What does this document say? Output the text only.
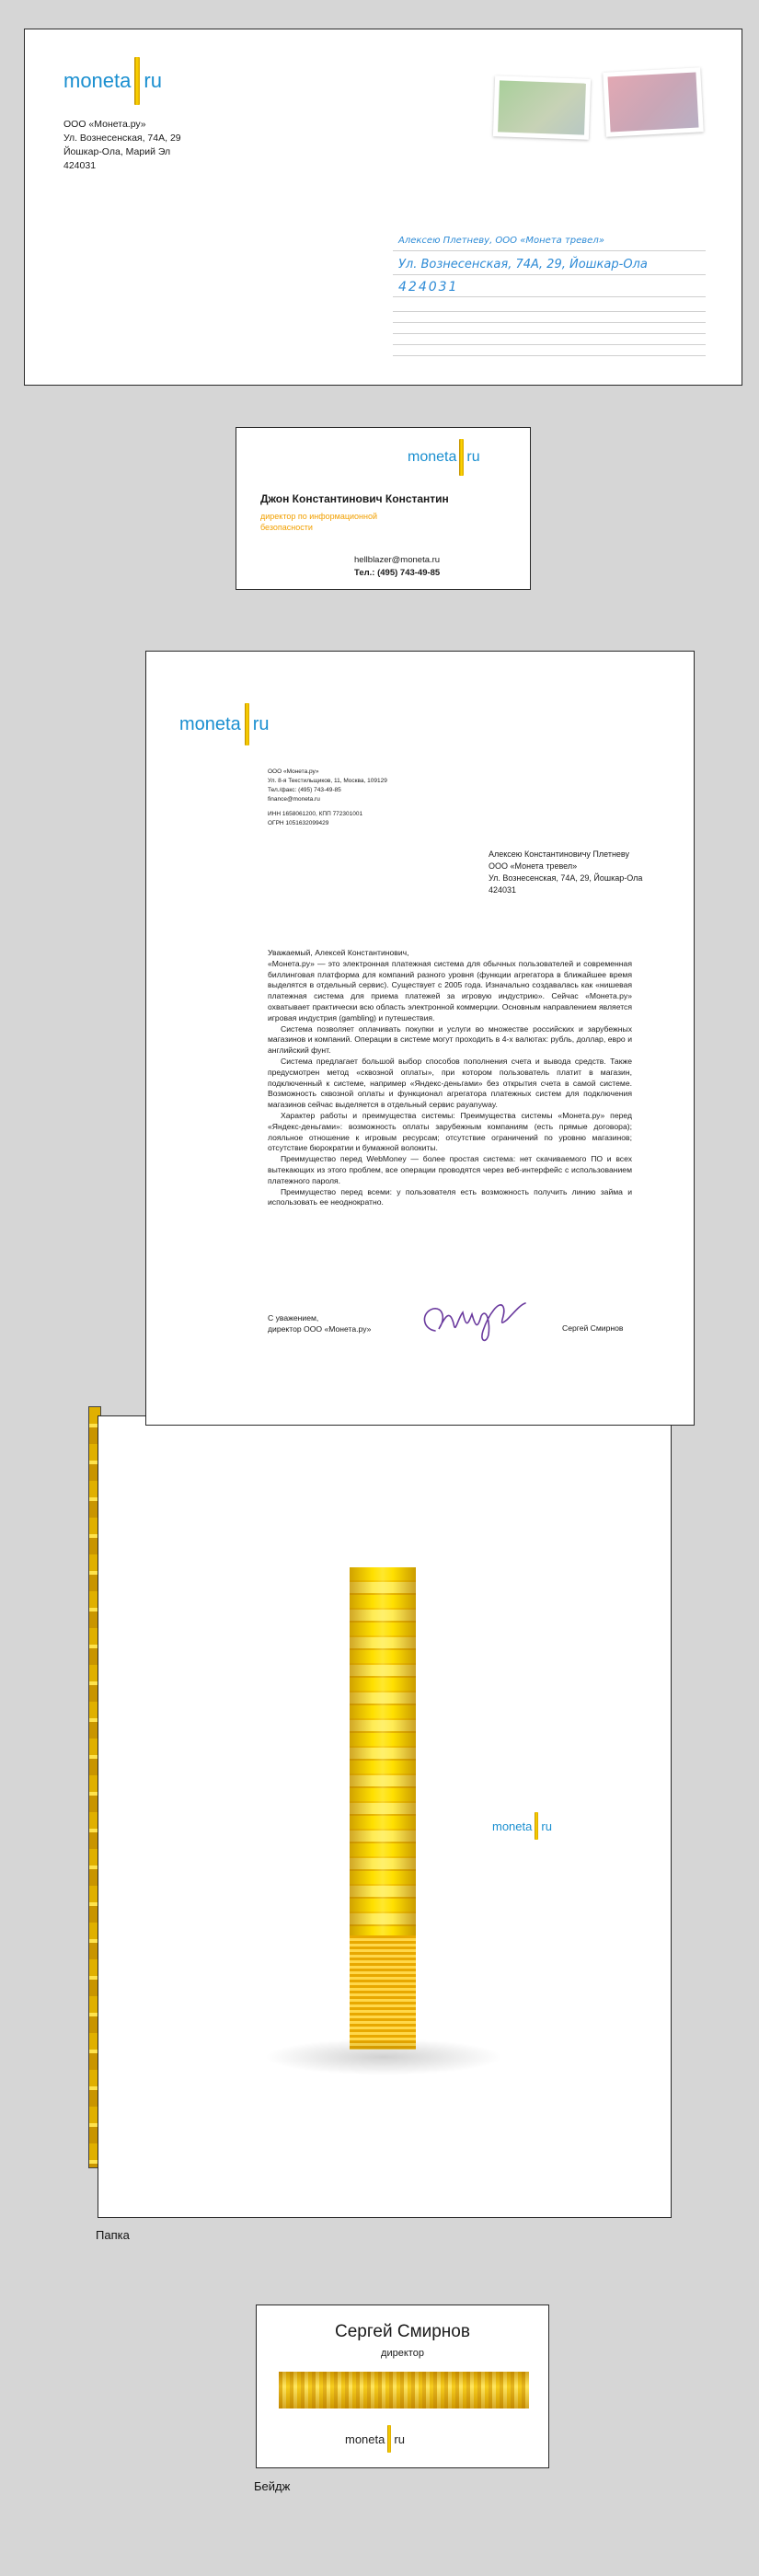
moneta ru
ООО «Монета.ру»
Ул. Вознесенская, 74А, 29
Йошкар-Ола, Марий Эл
424031
Алексею Плетневу, ООО «Монета тревел»
Ул. Вознесенская, 74А, 29, Йошкар-Ола
424031
moneta ru
Джон Константинович Константин
директор по информационной
безопасности
hellblazer@moneta.ru
Тел.: (495) 743-49-85
moneta ru
Папка
moneta ru
ООО «Монета.ру»
Ул. 8-я Текстильщиков, 11, Москва, 109129
Тел./факс: (495) 743-49-85
finance@moneta.ru
ИНН 1658061200, КПП 772301001
ОГРН 1051632099429
Алексею Константиновичу Плетневу
ООО «Монета тревел»
Ул. Вознесенская, 74А, 29, Йошкар-Ола
424031

Уважаемый, Алексей Константинович,

«Монета.ру» — это электронная платежная система для обычных пользователей и современная биллинговая платформа для компаний разного уровня (функции агрегатора в ближайшее время выделятся в отдельный сервис). Существует с 2005 года. Изначально создавалась как «нишевая платежная система для приема платежей за игровую индустрию». Сейчас «Монета.ру» охватывает практически всю область электронной коммерции. Основным направлением является игровая индустрия (gambling) и путешествия.

Система позволяет оплачивать покупки и услуги во множестве российских и зарубежных магазинов и компаний. Операции в системе могут проходить в 4-х валютах: рубль, доллар, евро и английский фунт.

Система предлагает большой выбор способов пополнения счета и вывода средств. Также предусмотрен метод «сквозной оплаты», при котором пользователь платит в магазин, подключенный к системе, например «Яндекс-деньгами» без открытия счета в самой системе. Возможность сквозной оплаты и функционал агрегатора платежных систем для подключения магазинов сейчас выделяется в отдельный сервис payanyway.

Характер работы и преимущества системы: Преимущества системы «Монета.ру» перед «Яндекс-деньгами»: возможность оплаты зарубежным компаниям (есть прямые договора); лояльное отношение к игровым ресурсам; отсутствие ограничений по уровню магазинов; отсутствие бюрократии и бумажной волокиты.

Преимущество перед WebMoney — более простая система: нет скачиваемого ПО и всех вытекающих из этого проблем, все операции проводятся через веб-интерфейс с использованием платежного пароля.

Преимущество перед всеми: у пользователя есть возможность получить линию займа и использовать ее неоднократно.

С уважением,
директор ООО «Монета.ру»	Сергей Смирнов
Сергей Смирнов
директор
moneta ru
Бейдж
